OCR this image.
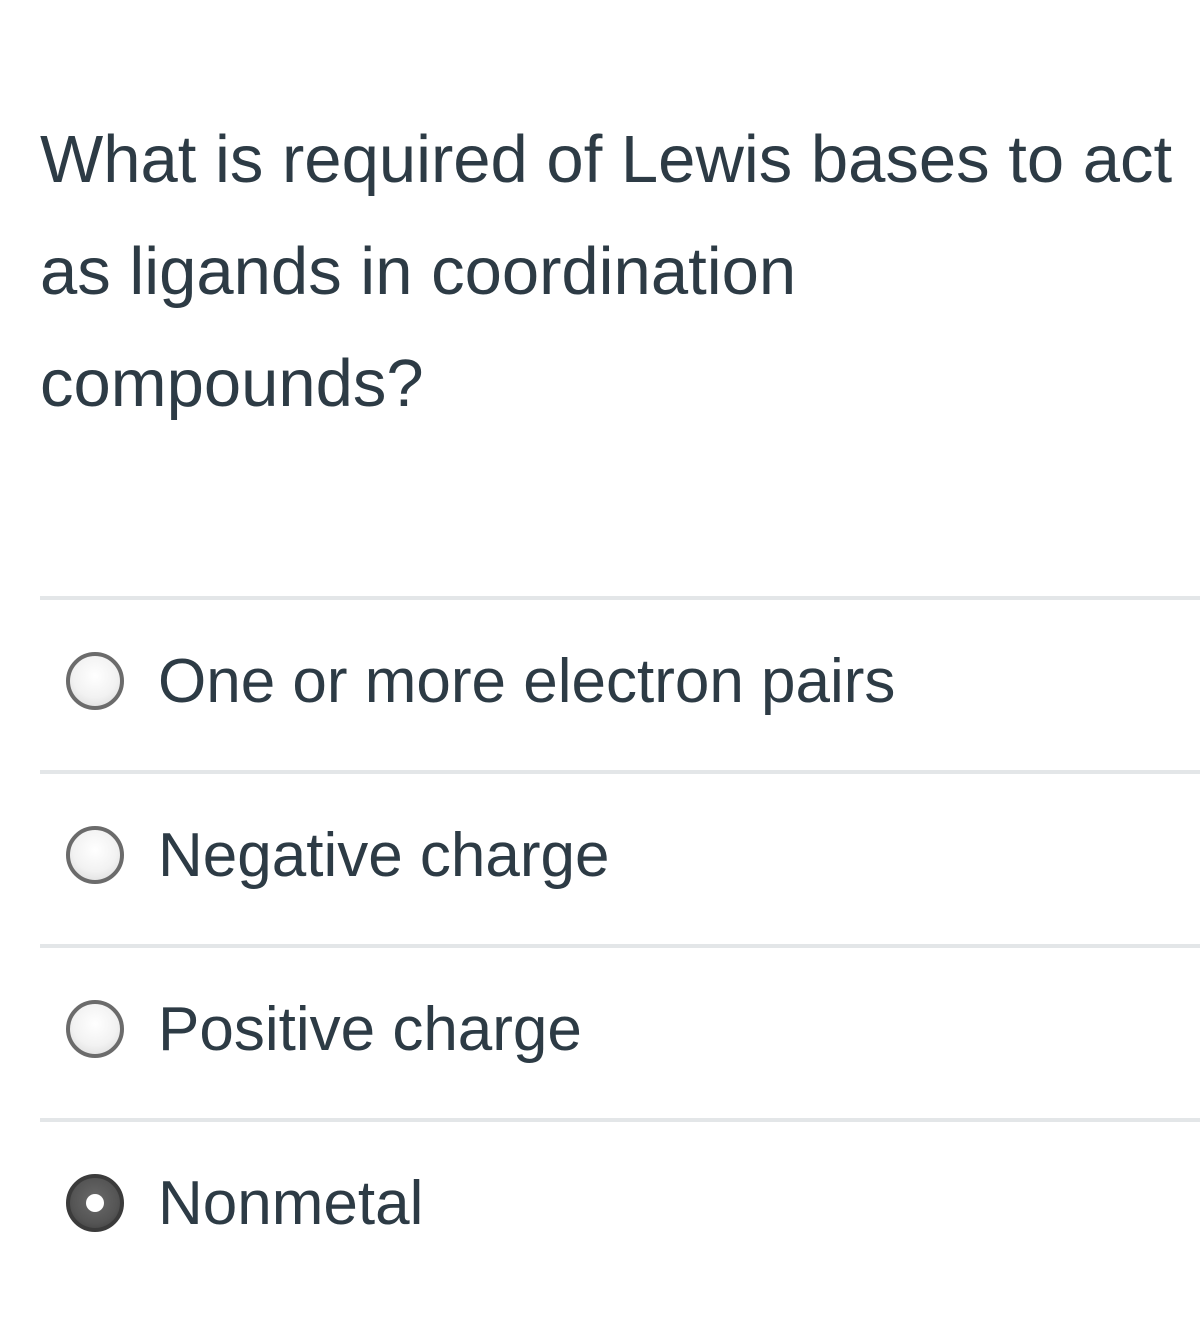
What is required of Lewis bases to act as ligands in coordination compounds?
One or more electron pairs
Negative charge
Positive charge
Nonmetal
